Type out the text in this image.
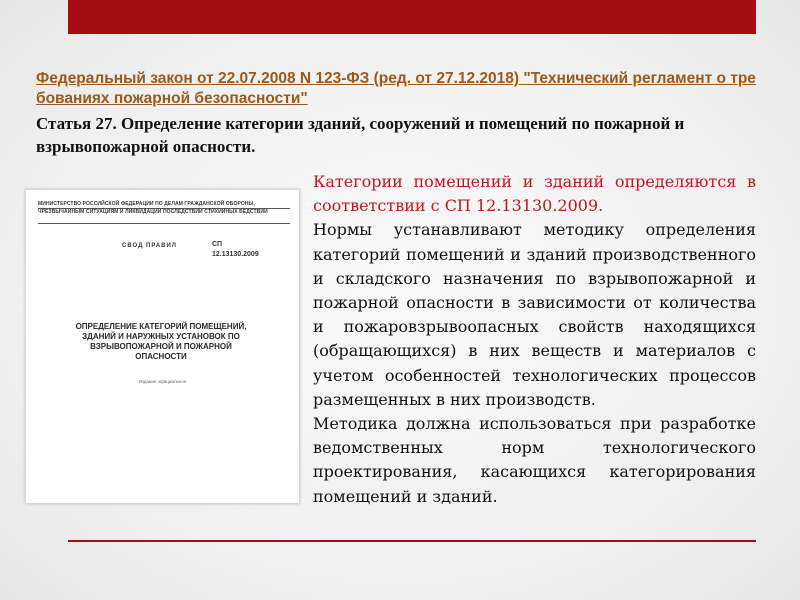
Федеральный закон от 22.07.2008 N 123-ФЗ (ред. от 27.12.2018) "Технический регламент о требованиях пожарной безопасности"
Статья 27. Определение категории зданий, сооружений и помещений по пожарной и взрывопожарной опасности.
МИНИСТЕРСТВО РОССИЙСКОЙ ФЕДЕРАЦИИ ПО ДЕЛАМ ГРАЖДАНСКОЙ ОБОРОНЫ, ЧРЕЗВЫЧАЙНЫМ СИТУАЦИЯМ И ЛИКВИДАЦИИ ПОСЛЕДСТВИЙ СТИХИЙНЫХ БЕДСТВИЙ
СВОД ПРАВИЛ	СП
12.13130.2009
ОПРЕДЕЛЕНИЕ КАТЕГОРИЙ ПОМЕЩЕНИЙ, ЗДАНИЙ И НАРУЖНЫХ УСТАНОВОК ПО ВЗРЫВОПОЖАРНОЙ И ПОЖАРНОЙ ОПАСНОСТИ
Издание официальное

Категории помещений и зданий определяются в соответствии с СП 12.13130.2009.

Нормы устанавливают методику определения категорий помещений и зданий производственного и складского назначения по взрывопожарной и пожарной опасности в зависимости от количества и пожаровзрывоопасных свойств находящихся (обращающихся) в них веществ и материалов с учетом особенностей технологических процессов размещенных в них производств.

Методика должна использоваться при разработке ведомственных норм технологического проектирования, касающихся категорирования помещений и зданий.
